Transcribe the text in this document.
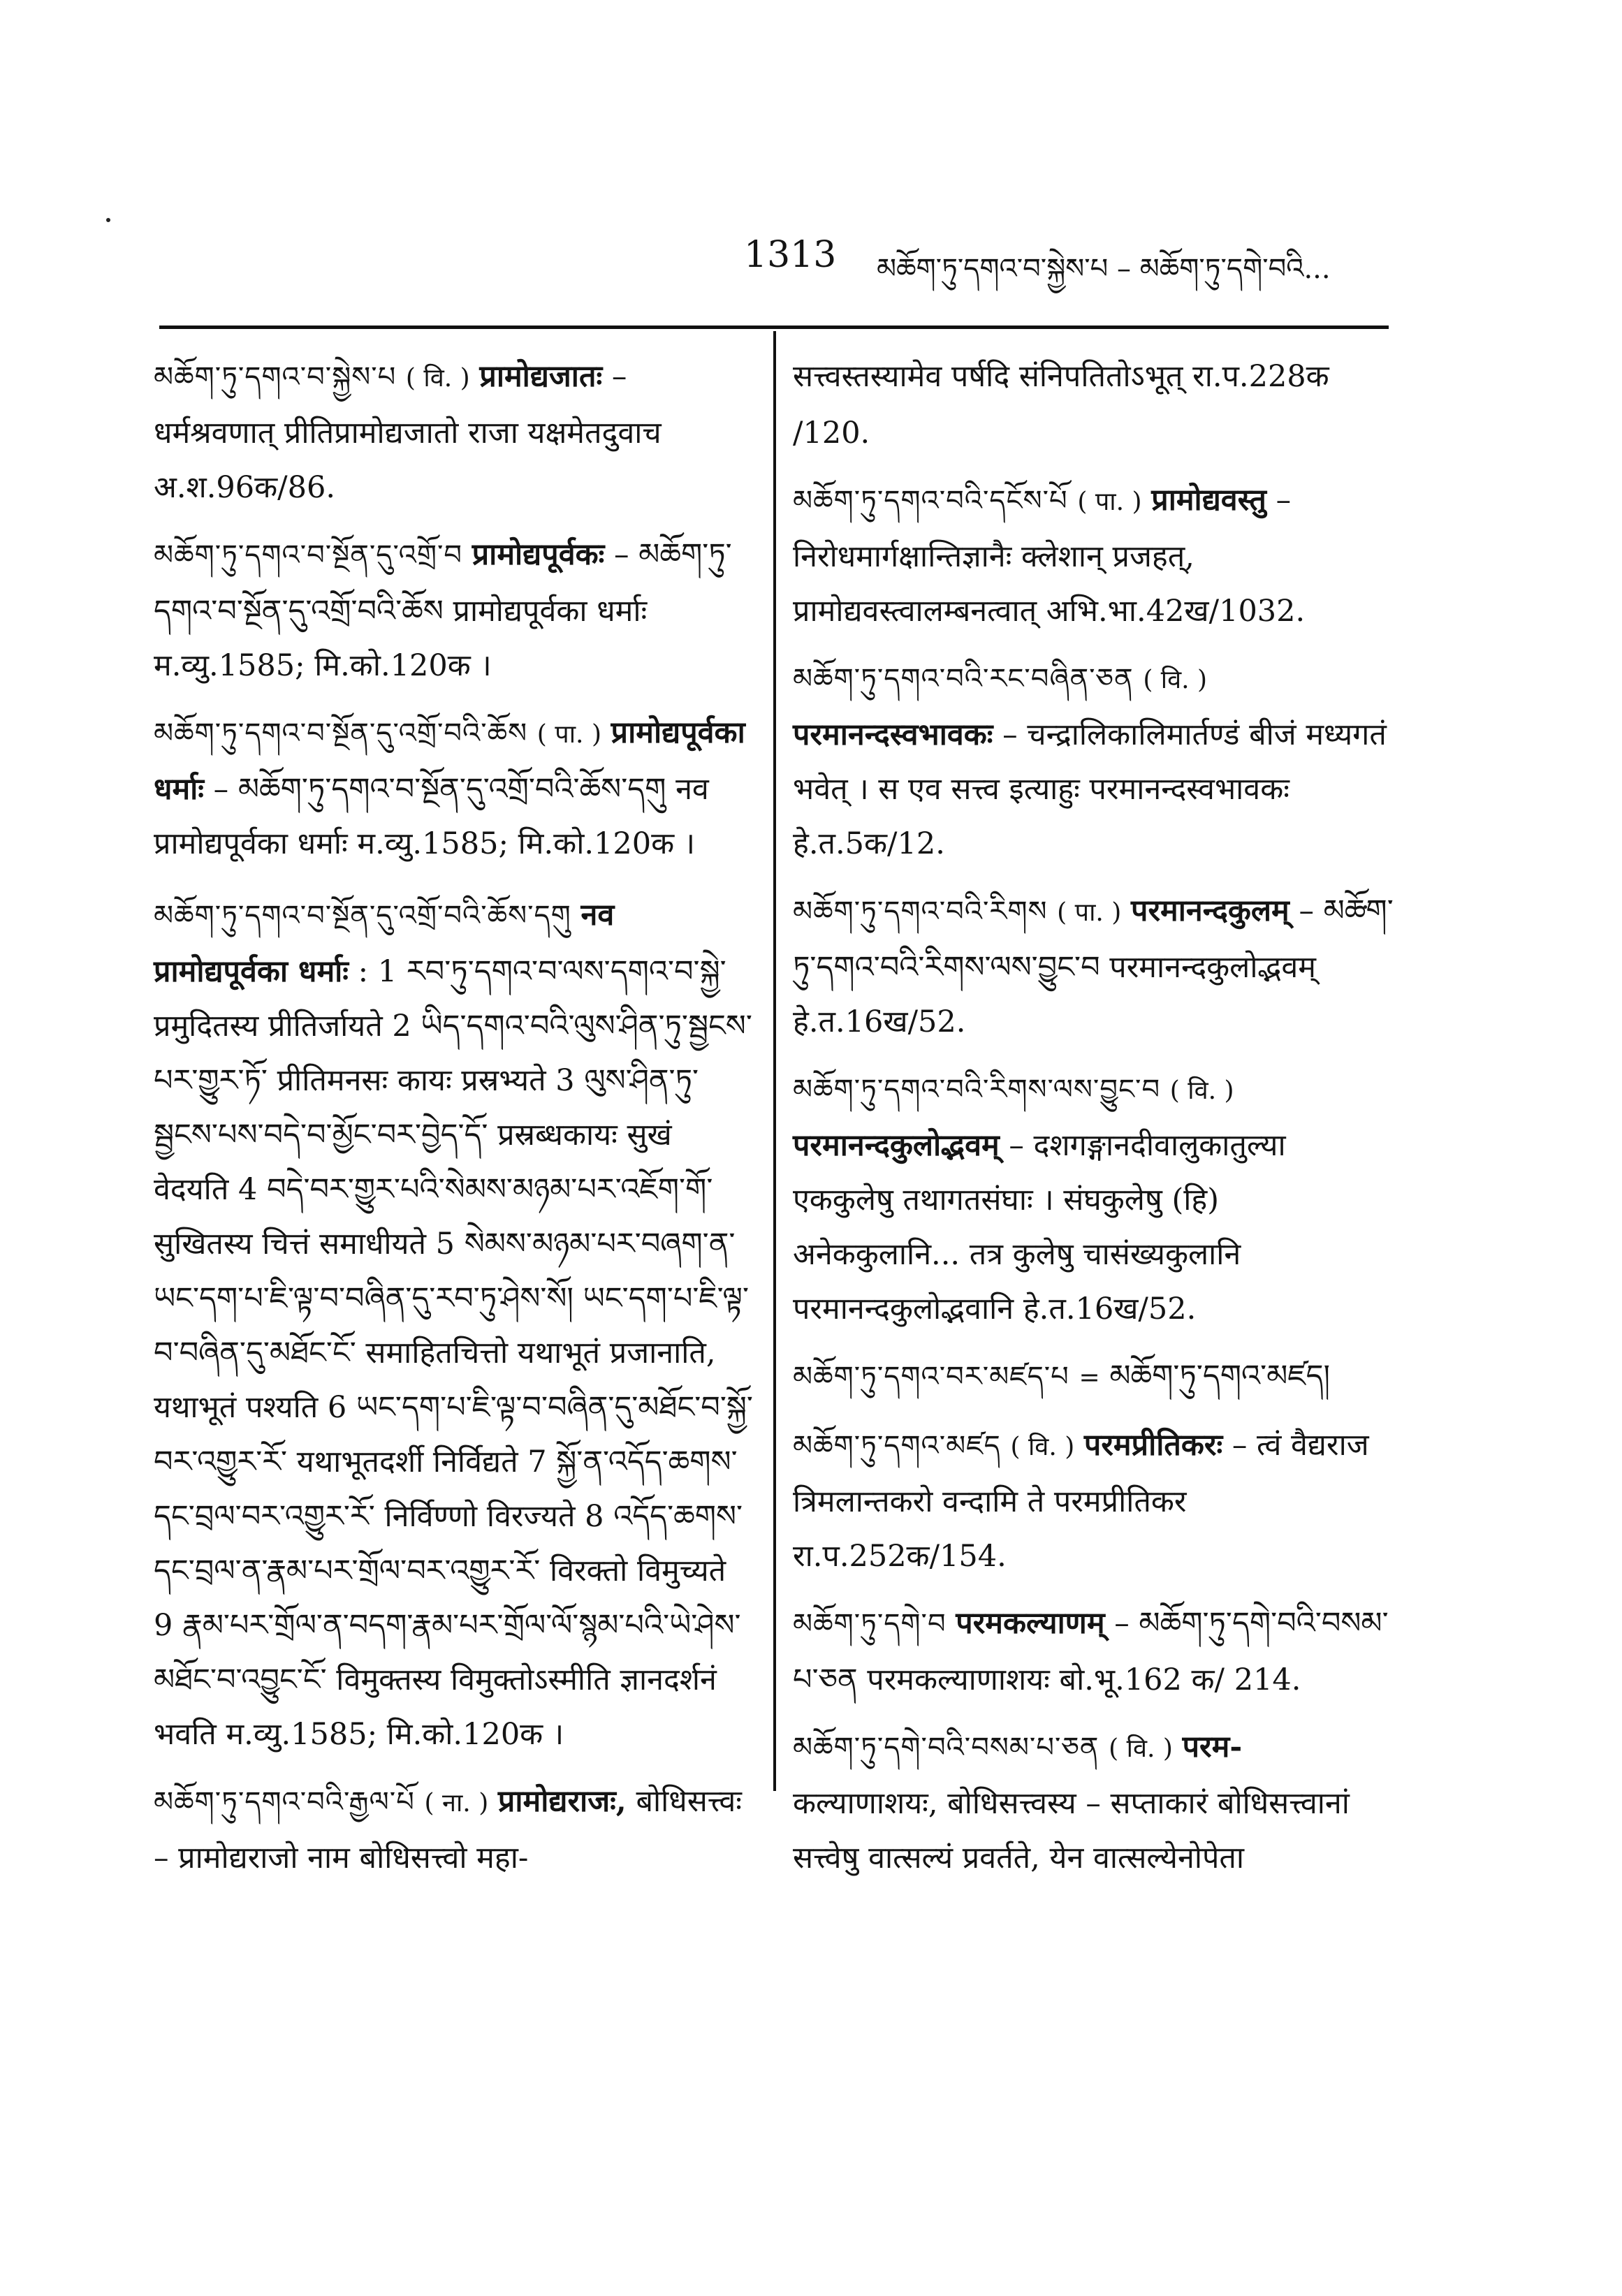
1313 མཆོག་ཏུ་དགའ་བ་སྐྱེས་པ – མཆོག་ཏུ་དགེ་བའི...
མཆོག་ཏུ་དགའ་བ་སྐྱེས་པ ( वि. ) प्रामोद्यजातः – धर्मश्रवणात् प्रीतिप्रामोद्यजातो राजा यक्षमेतदुवाच अ.श.96क/86.
མཆོག་ཏུ་དགའ་བ་སྔོན་དུ་འགྲོ་བ प्रामोद्यपूर्वकः – མཆོག་ཏུ་དགའ་བ་སྔོན་དུ་འགྲོ་བའི་ཆོས प्रामोद्यपूर्वका धर्माः म.व्यु.1585; मि.को.120क ।
མཆོག་ཏུ་དགའ་བ་སྔོན་དུ་འགྲོ་བའི་ཆོས ( पा. ) प्रामोद्यपूर्वका धर्माः – མཆོག་ཏུ་དགའ་བ་སྔོན་དུ་འགྲོ་བའི་ཆོས་དགུ नव प्रामोद्यपूर्वका धर्माः म.व्यु.1585; मि.को.120क ।
མཆོག་ཏུ་དགའ་བ་སྔོན་དུ་འགྲོ་བའི་ཆོས་དགུ नव प्रामोद्यपूर्वका धर्माः : 1 རབ་ཏུ་དགའ་བ་ལས་དགའ་བ་སྐྱེ་ प्रमुदितस्य प्रीतिर्जायते 2 ཡིད་དགའ་བའི་ལུས་ཤིན་ཏུ་སྦྱངས་པར་གྱུར་ཏོ་ प्रीतिमनसः कायः प्रस्रभ्यते 3 ལུས་ཤིན་ཏུ་སྦྱངས་པས་བདེ་བ་མྱོང་བར་བྱེད་དོ་ प्रस्रब्धकायः सुखं वेदयति 4 བདེ་བར་གྱུར་པའི་སེམས་མཉམ་པར་འཇོག་གོ་ सुखितस्य चित्तं समाधीयते 5 སེམས་མཉམ་པར་བཞག་ན་ཡང་དག་པ་ཇི་ལྟ་བ་བཞིན་དུ་རབ་ཏུ་ཤེས་སོ། ཡང་དག་པ་ཇི་ལྟ་བ་བཞིན་དུ་མཐོང་ངོ་ समाहितचित्तो यथाभूतं प्रजानाति, यथाभूतं पश्यति 6 ཡང་དག་པ་ཇི་ལྟ་བ་བཞིན་དུ་མཐོང་བ་སྐྱོ་བར་འགྱུར་རོ་ यथाभूतदर्शी निर्विद्यते 7 སྐྱོ་ན་འདོད་ཆགས་དང་བྲལ་བར་འགྱུར་རོ་ निर्विण्णो विरज्यते 8 འདོད་ཆགས་དང་བྲལ་ན་རྣམ་པར་གྲོལ་བར་འགྱུར་རོ་ विरक्तो विमुच्यते 9 རྣམ་པར་གྲོལ་ན་བདག་རྣམ་པར་གྲོལ་ལོ་སྙམ་པའི་ཡེ་ཤེས་མཐོང་བ་འབྱུང་ངོ་ विमुक्तस्य विमुक्तोऽस्मीति ज्ञानदर्शनं भवति म.व्यु.1585; मि.को.120क ।
མཆོག་ཏུ་དགའ་བའི་རྒྱལ་པོ ( ना. ) प्रामोद्यराजः, बोधिसत्त्वः – प्रामोद्यराजो नाम बोधिसत्त्वो महा-
सत्त्वस्तस्यामेव पर्षदि संनिपतितोऽभूत् रा.प.228क /120.
མཆོག་ཏུ་དགའ་བའི་དངོས་པོ ( पा. ) प्रामोद्यवस्तु – निरोधमार्गक्षान्तिज्ञानैः क्लेशान् प्रजहत्, प्रामोद्यवस्त्वालम्बनत्वात् अभि.भा.42ख/1032.
མཆོག་ཏུ་དགའ་བའི་རང་བཞིན་ཅན ( वि. ) परमानन्दस्वभावकः – चन्द्रालिकालिमार्तण्डं बीजं मध्यगतं भवेत् । स एव सत्त्व इत्याहुः परमानन्दस्वभावकः हे.त.5क/12.
མཆོག་ཏུ་དགའ་བའི་རིགས ( पा. ) परमानन्दकुलम् – མཆོག་ཏུ་དགའ་བའི་རིགས་ལས་བྱུང་བ परमानन्दकुलोद्भवम् हे.त.16ख/52.
མཆོག་ཏུ་དགའ་བའི་རིགས་ལས་བྱུང་བ ( वि. ) परमानन्दकुलोद्भवम् – दशगङ्गानदीवालुकातुल्या एककुलेषु तथागतसंघाः । संघकुलेषु (हि) अनेककुलानि... तत्र कुलेषु चासंख्यकुलानि परमानन्दकुलोद्भवानि हे.त.16ख/52.
མཆོག་ཏུ་དགའ་བར་མཛད་པ = མཆོག་ཏུ་དགའ་མཛད།
མཆོག་ཏུ་དགའ་མཛད ( वि. ) परमप्रीतिकरः – त्वं वैद्यराज त्रिमलान्तकरो वन्दामि ते परमप्रीतिकर रा.प.252क/154.
མཆོག་ཏུ་དགེ་བ परमकल्याणम् – མཆོག་ཏུ་དགེ་བའི་བསམ་པ་ཅན परमकल्याणाशयः बो.भू.162 क/ 214.
མཆོག་ཏུ་དགེ་བའི་བསམ་པ་ཅན ( वि. ) परम- कल्याणाशयः, बोधिसत्त्वस्य – सप्ताकारं बोधिसत्त्वानां सत्त्वेषु वात्सल्यं प्रवर्तते, येन वात्सल्येनोपेता
